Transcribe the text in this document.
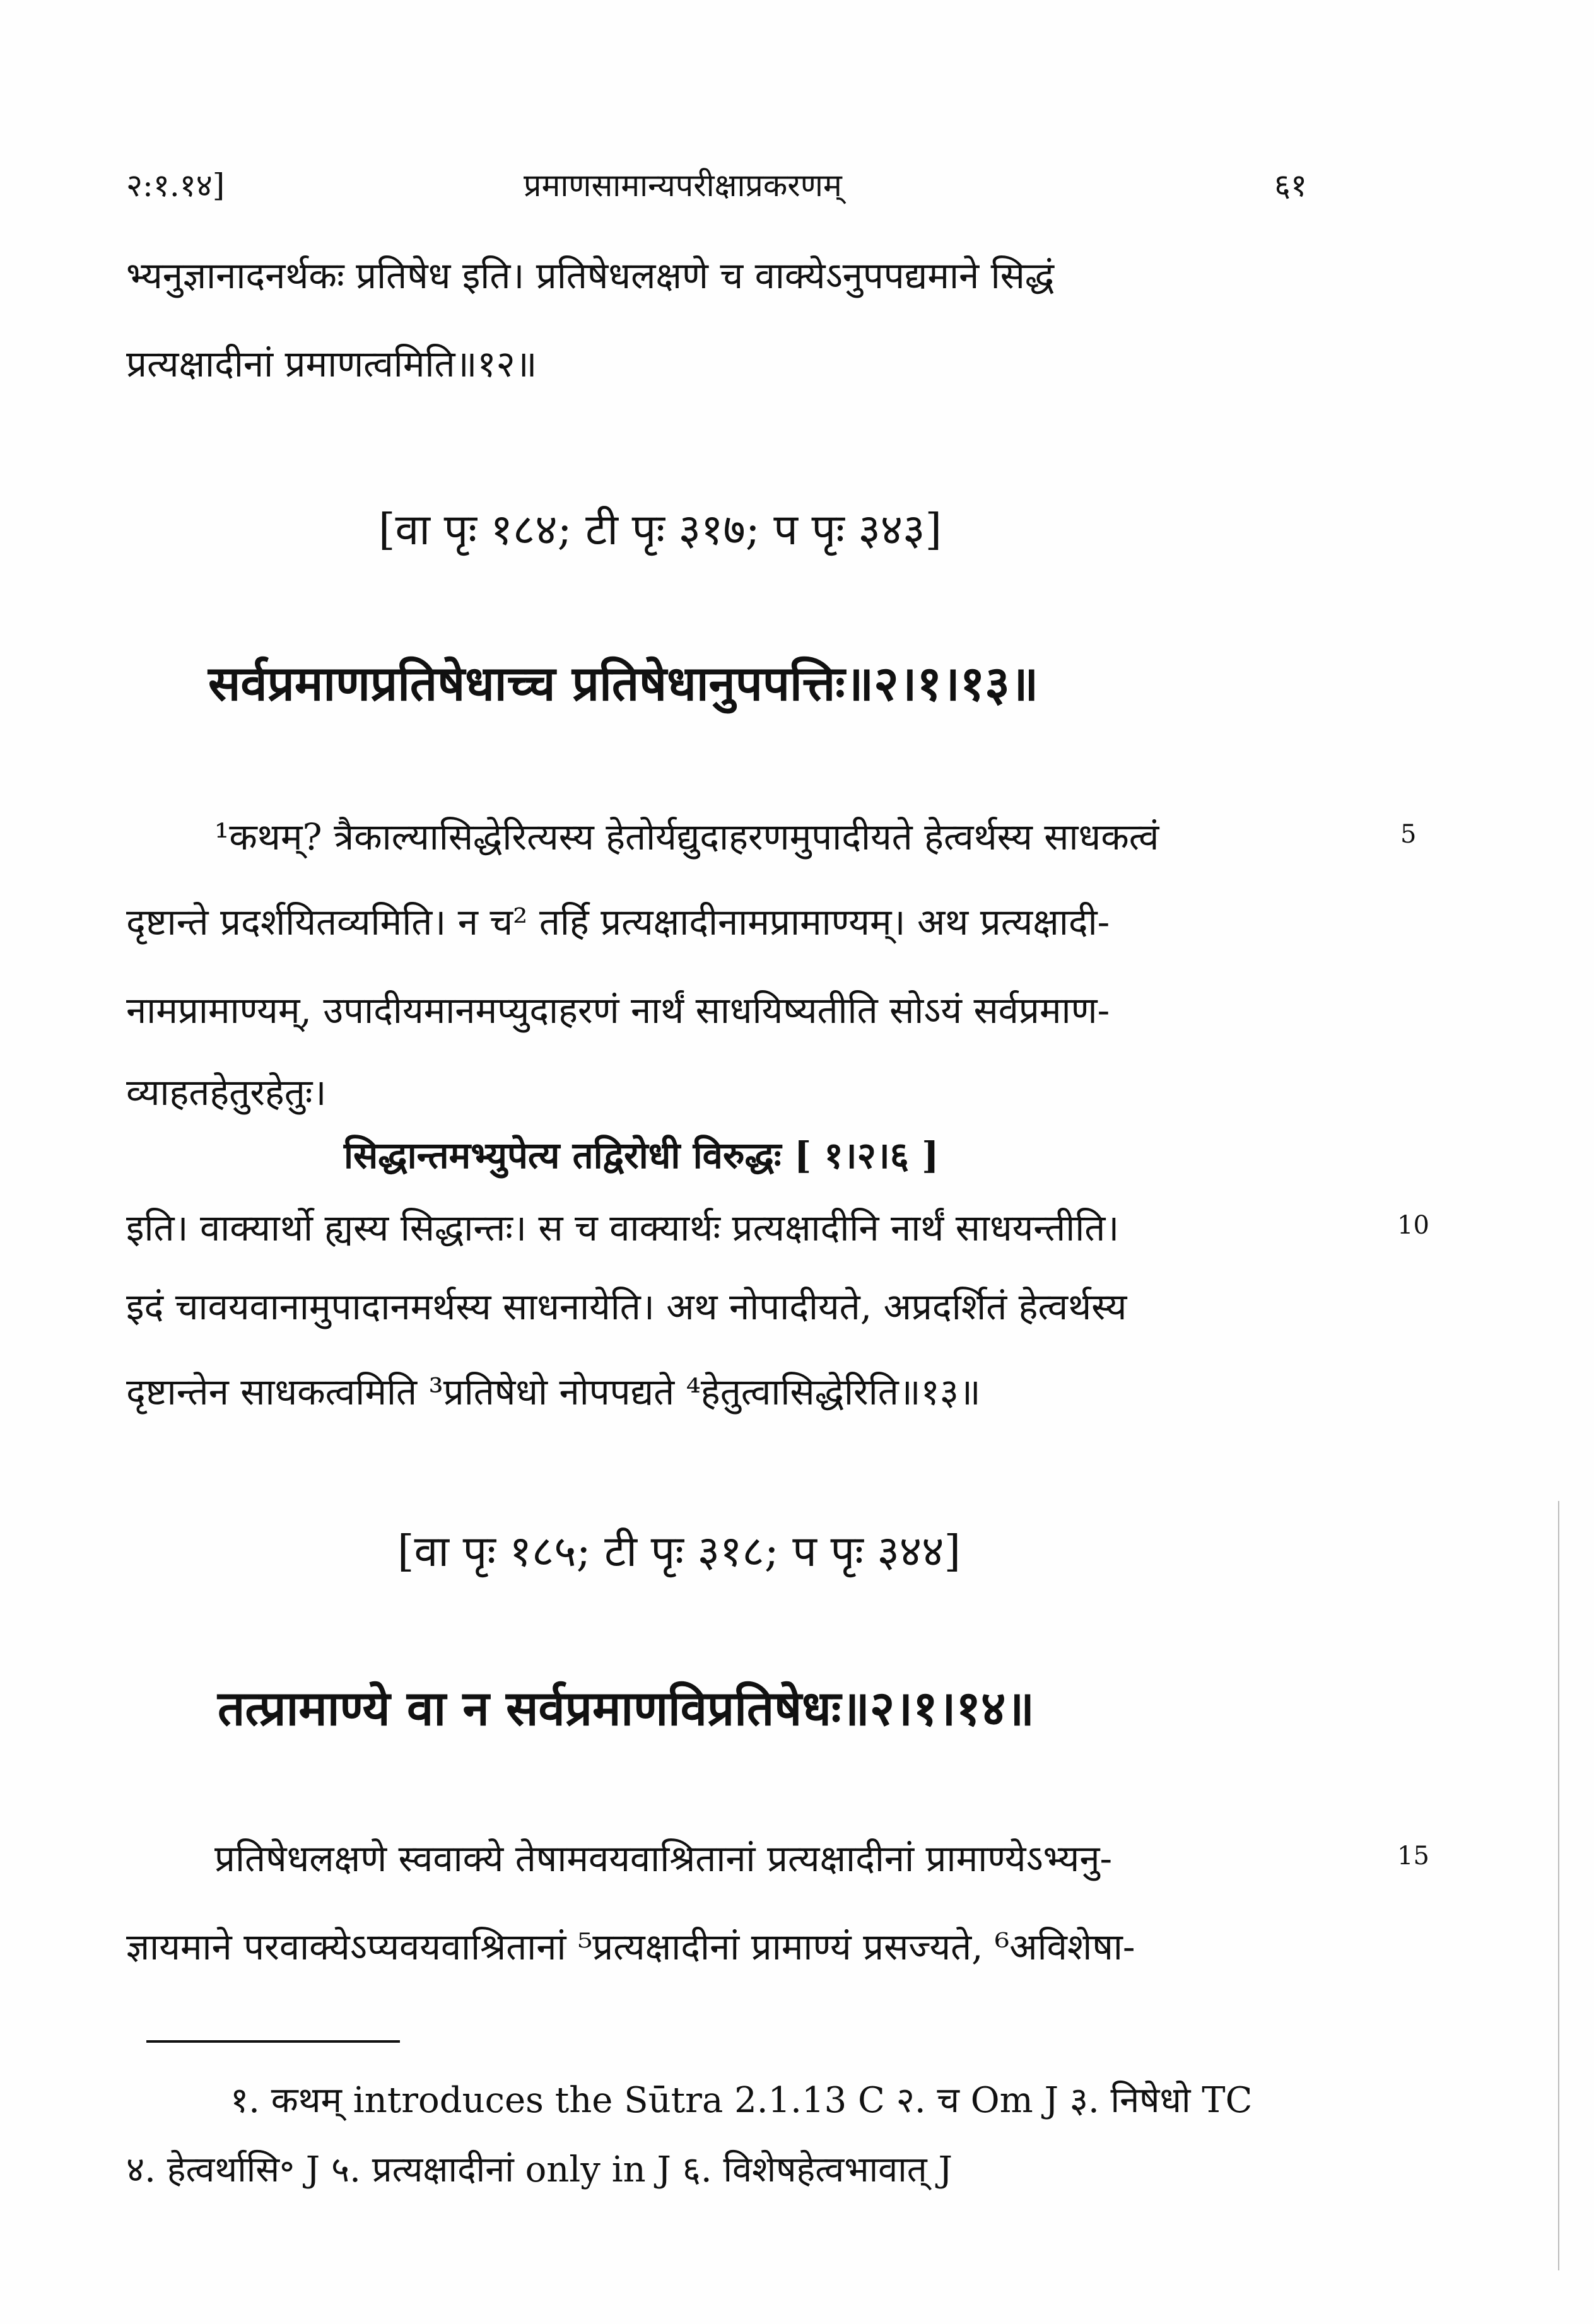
२:१.१४]	प्रमाणसामान्यपरीक्षाप्रकरणम्	६१
भ्यनुज्ञानादनर्थकः प्रतिषेध इति। प्रतिषेधलक्षणे च वाक्येऽनुपपद्यमाने सिद्धं
प्रत्यक्षादीनां प्रमाणत्वमिति॥१२॥
[वा पृः १८४; टी पृः ३१७; प पृः ३४३]
सर्वप्रमाणप्रतिषेधाच्च प्रतिषेधानुपपत्तिः॥२।१।१३॥
¹कथम्? त्रैकाल्यासिद्धेरित्यस्य हेतोर्यद्युदाहरणमुपादीयते हेत्वर्थस्य साधकत्वं	5
दृष्टान्ते प्रदर्शयितव्यमिति। न च² तर्हि प्रत्यक्षादीनामप्रामाण्यम्। अथ प्रत्यक्षादी-
नामप्रामाण्यम्, उपादीयमानमप्युदाहरणं नार्थं साधयिष्यतीति सोऽयं सर्वप्रमाण-
व्याहतहेतुरहेतुः।
सिद्धान्तमभ्युपेत्य तद्विरोधी विरुद्धः [ १।२।६ ]
इति। वाक्यार्थो ह्यस्य सिद्धान्तः। स च वाक्यार्थः प्रत्यक्षादीनि नार्थं साधयन्तीति।	10
इदं चावयवानामुपादानमर्थस्य साधनायेति। अथ नोपादीयते, अप्रदर्शितं हेत्वर्थस्य
दृष्टान्तेन साधकत्वमिति ³प्रतिषेधो नोपपद्यते ⁴हेतुत्वासिद्धेरिति॥१३॥
[वा पृः १८५; टी पृः ३१८; प पृः ३४४]
तत्प्रामाण्ये वा न सर्वप्रमाणविप्रतिषेधः॥२।१।१४॥
प्रतिषेधलक्षणे स्ववाक्ये तेषामवयवाश्रितानां प्रत्यक्षादीनां प्रामाण्येऽभ्यनु-	15
ज्ञायमाने परवाक्येऽप्यवयवाश्रितानां ⁵प्रत्यक्षादीनां प्रामाण्यं प्रसज्यते, ⁶अविशेषा-
१. कथम् introduces the Sūtra 2.1.13 C २. च Om J ३. निषेधो TC
४. हेत्वर्थासि॰ J ५. प्रत्यक्षादीनां only in J ६. विशेषहेत्वभावात् J
